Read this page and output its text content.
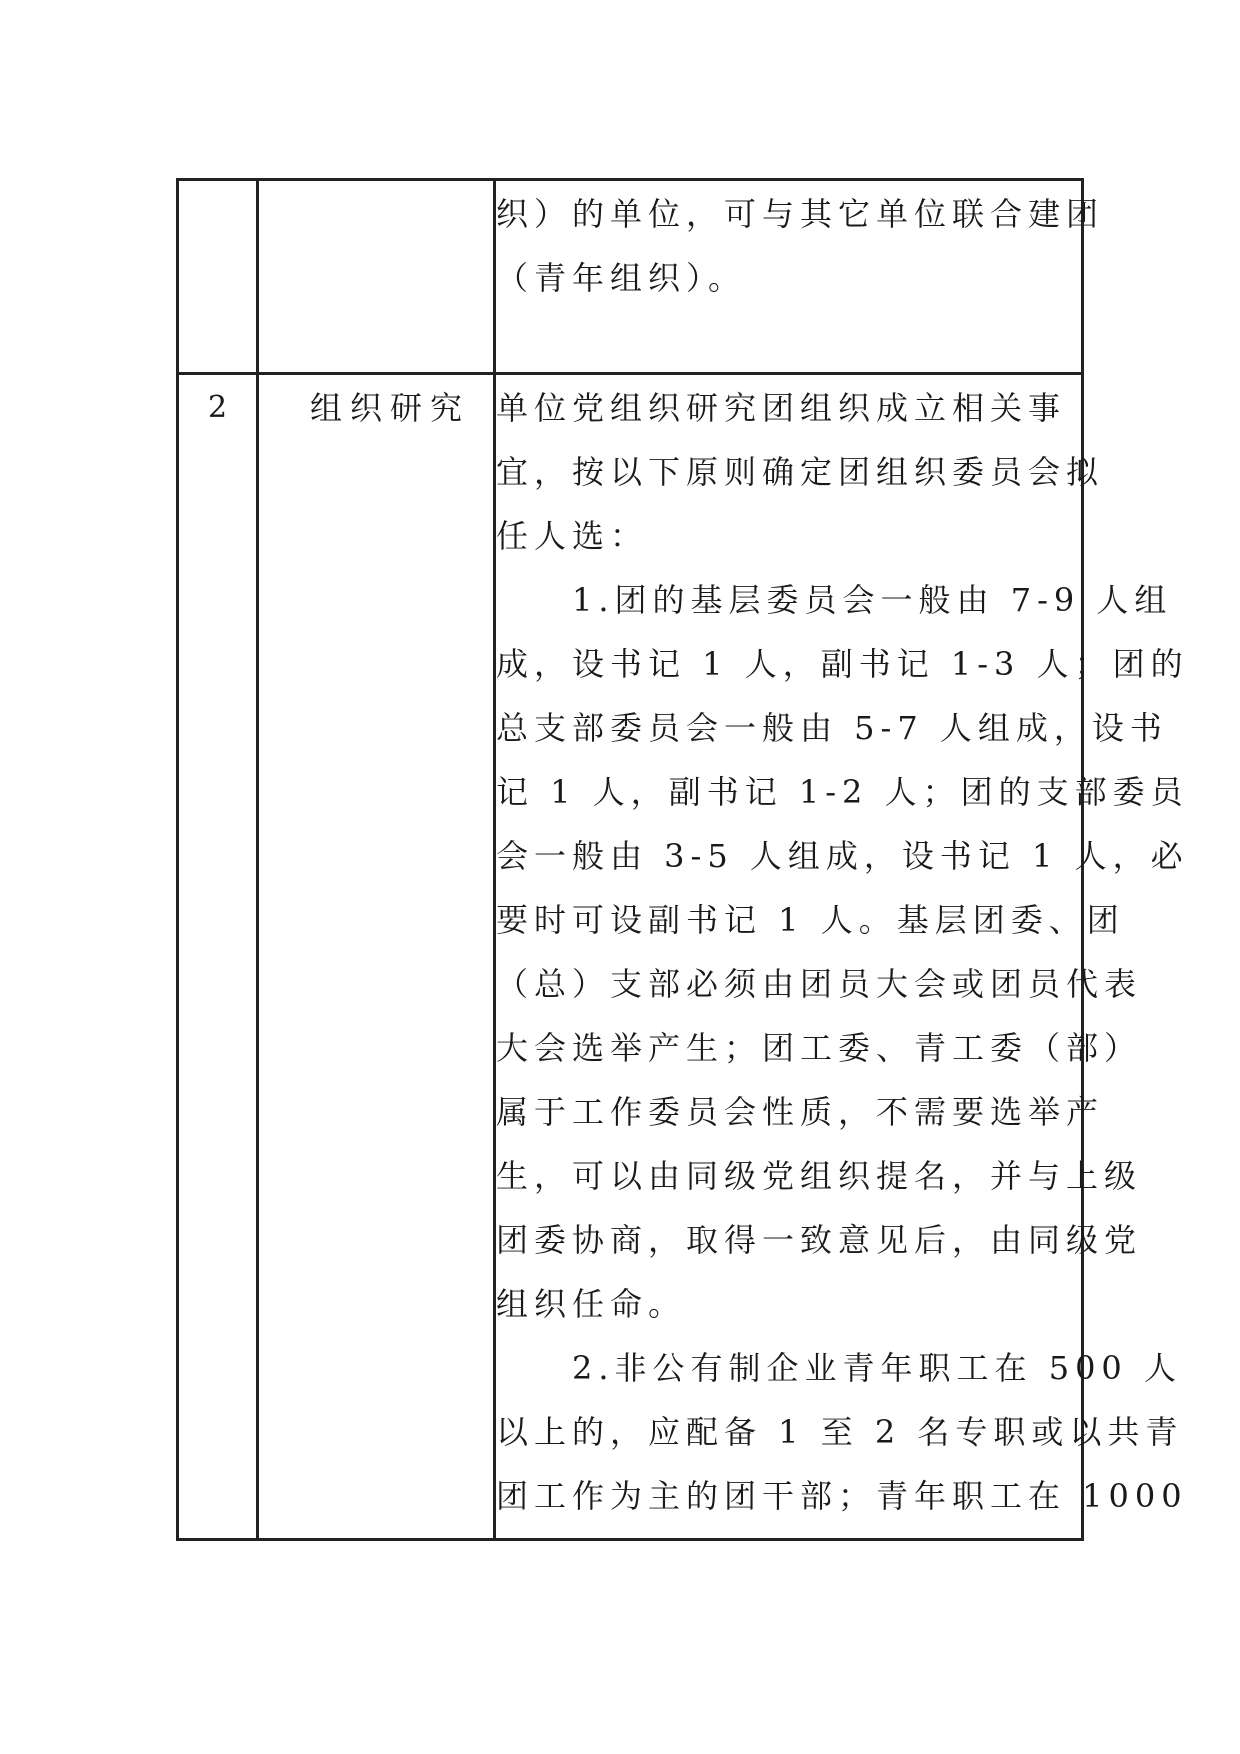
织）的单位，可与其它单位联合建团
（青年组织）。
2	组织研究 单位党组织研究团组织成立相关事
宜，按以下原则确定团组织委员会拟
任人选：
　　1.团的基层委员会一般由 7-9 人组
成，设书记 1 人，副书记 1-3 人；团的
总支部委员会一般由 5-7 人组成，设书
记 1 人，副书记 1-2 人；团的支部委员
会一般由 3-5 人组成，设书记 1 人，必
要时可设副书记 1 人。基层团委、团
（总）支部必须由团员大会或团员代表
大会选举产生；团工委、青工委（部）
属于工作委员会性质，不需要选举产
生，可以由同级党组织提名，并与上级
团委协商，取得一致意见后，由同级党
组织任命。
　　2.非公有制企业青年职工在 500 人
以上的，应配备 1 至 2 名专职或以共青
团工作为主的团干部；青年职工在 1000
